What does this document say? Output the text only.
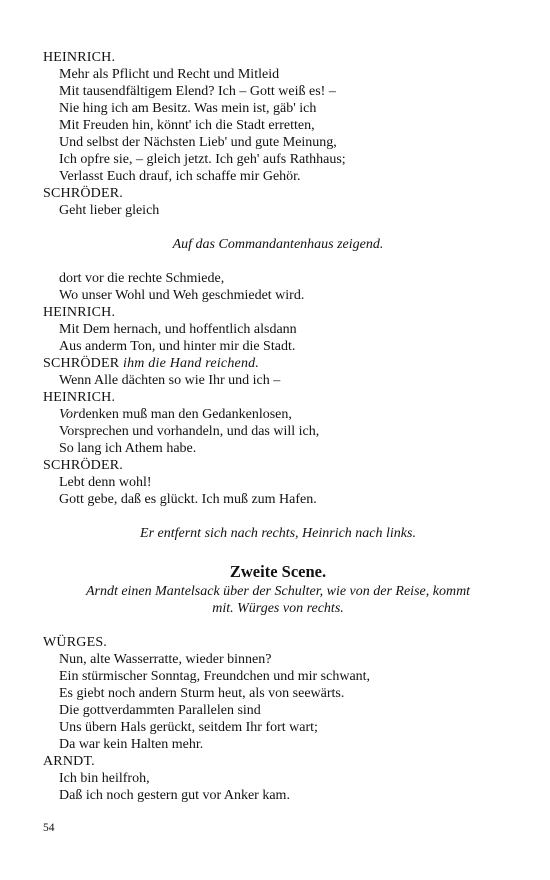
HEINRICH.
Mehr als Pflicht und Recht und Mitleid
Mit tausendfältigem Elend? Ich – Gott weiß es! –
Nie hing ich am Besitz. Was mein ist, gäb' ich
Mit Freuden hin, könnt' ich die Stadt erretten,
Und selbst der Nächsten Lieb' und gute Meinung,
Ich opfre sie, – gleich jetzt. Ich geh' aufs Rathhaus;
Verlasst Euch drauf, ich schaffe mir Gehör.
SCHRÖDER.
Geht lieber gleich
Auf das Commandantenhaus zeigend.
dort vor die rechte Schmiede,
Wo unser Wohl und Weh geschmiedet wird.
HEINRICH.
Mit Dem hernach, und hoffentlich alsdann
Aus anderm Ton, und hinter mir die Stadt.
SCHRÖDER ihm die Hand reichend.
Wenn Alle dächten so wie Ihr und ich –
HEINRICH.
Vordenken muß man den Gedankenlosen,
Vorsprechen und vorhandeln, und das will ich,
So lang ich Athem habe.
SCHRÖDER.
Lebt denn wohl!
Gott gebe, daß es glückt. Ich muß zum Hafen.
Er entfernt sich nach rechts, Heinrich nach links.
Zweite Scene.
Arndt einen Mantelsack über der Schulter, wie von der Reise, kommt
mit. Würges von rechts.
WÜRGES.
Nun, alte Wasserratte, wieder binnen?
Ein stürmischer Sonntag, Freundchen und mir schwant,
Es giebt noch andern Sturm heut, als von seewärts.
Die gottverdammten Parallelen sind
Uns übern Hals gerückt, seitdem Ihr fort wart;
Da war kein Halten mehr.
ARNDT.
Ich bin heilfroh,
Daß ich noch gestern gut vor Anker kam.
54
